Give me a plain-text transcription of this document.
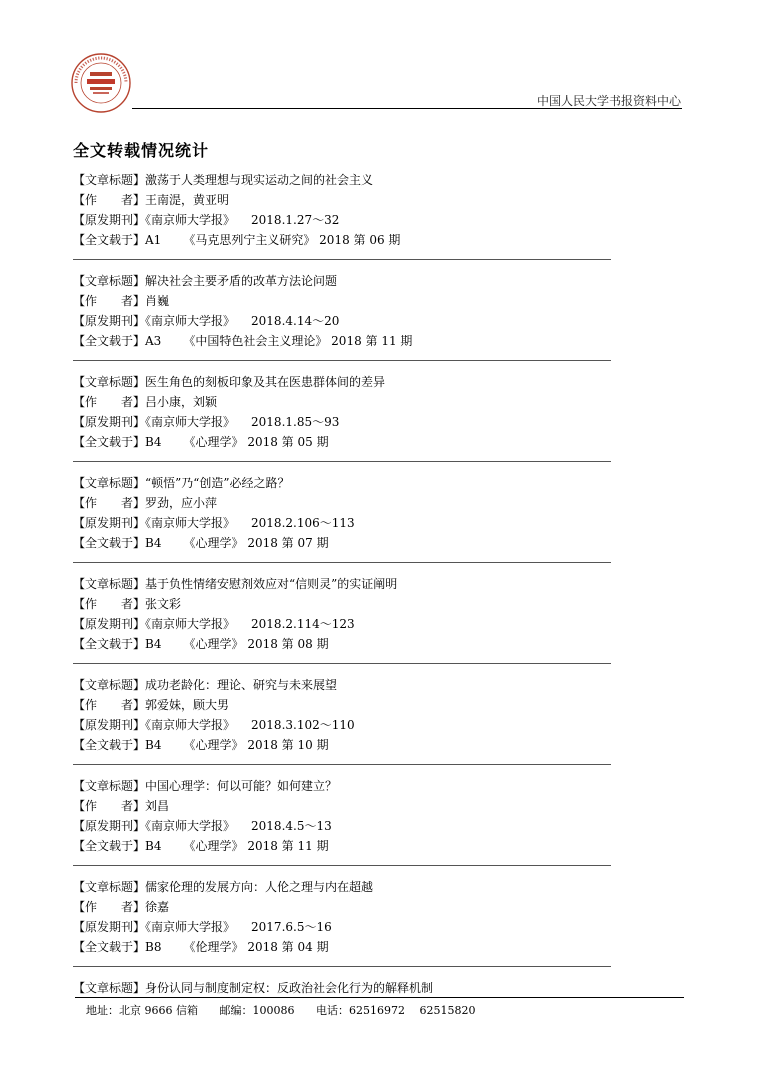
中国人民大学书报资料中心
全文转载情况统计
【文章标题】激荡于人类理想与现实运动之间的社会主义
【作　　者】王南湜，黄亚明
【原发期刊】《南京师大学报》 2018.1.27～32
【全文载于】A1 《马克思列宁主义研究》 2018 第 06 期
【文章标题】解决社会主要矛盾的改革方法论问题
【作　　者】肖巍
【原发期刊】《南京师大学报》 2018.4.14～20
【全文载于】A3 《中国特色社会主义理论》 2018 第 11 期
【文章标题】医生角色的刻板印象及其在医患群体间的差异
【作　　者】吕小康，刘颖
【原发期刊】《南京师大学报》 2018.1.85～93
【全文载于】B4 《心理学》 2018 第 05 期
【文章标题】“顿悟”乃“创造”必经之路？
【作　　者】罗劲，应小萍
【原发期刊】《南京师大学报》 2018.2.106～113
【全文载于】B4 《心理学》 2018 第 07 期
【文章标题】基于负性情绪安慰剂效应对“信则灵”的实证阐明
【作　　者】张文彩
【原发期刊】《南京师大学报》 2018.2.114～123
【全文载于】B4 《心理学》 2018 第 08 期
【文章标题】成功老龄化：理论、研究与未来展望
【作　　者】郭爱妹，顾大男
【原发期刊】《南京师大学报》 2018.3.102～110
【全文载于】B4 《心理学》 2018 第 10 期
【文章标题】中国心理学：何以可能？如何建立？
【作　　者】刘昌
【原发期刊】《南京师大学报》 2018.4.5～13
【全文载于】B4 《心理学》 2018 第 11 期
【文章标题】儒家伦理的发展方向：人伦之理与内在超越
【作　　者】徐嘉
【原发期刊】《南京师大学报》 2017.6.5～16
【全文载于】B8 《伦理学》 2018 第 04 期
【文章标题】身份认同与制度制定权：反政治社会化行为的解释机制
地址：北京 9666 信箱 邮编：100086 电话：62516972　 62515820
